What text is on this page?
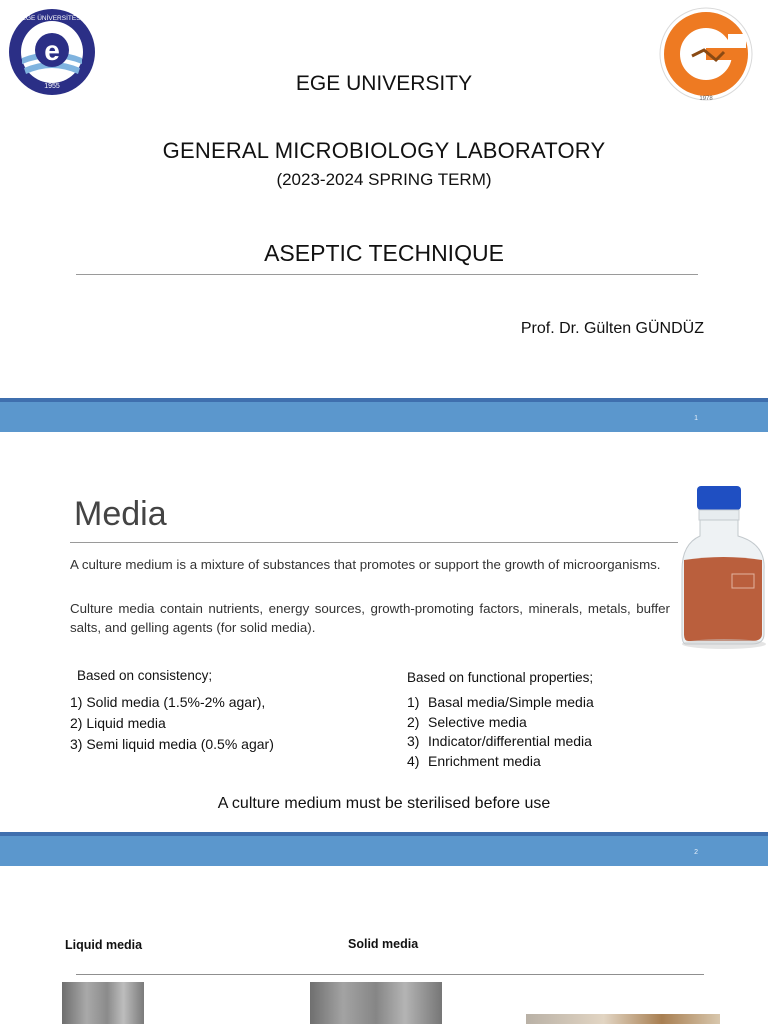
e
1955
EGE ÜNİVERSİTESİ
1978
EGE UNIVERSITY
GENERAL MICROBIOLOGY LABORATORY
(2023-2024 SPRING TERM)
ASEPTIC TECHNIQUE
Prof. Dr. Gülten GÜNDÜZ
1
Media
A culture medium is a mixture of substances that promotes or support the growth of microorganisms.
Culture media contain nutrients, energy sources, growth-promoting factors, minerals, metals, buffer salts, and gelling agents (for solid media).
Based on consistency;
1) Solid media (1.5%-2% agar),
2) Liquid media
3) Semi liquid media (0.5% agar)
Based on functional properties;
1) Basal media/Simple media
2) Selective media
3) Indicator/differential media
4) Enrichment media
A culture medium must be sterilised before use
2
Liquid media	Solid media
